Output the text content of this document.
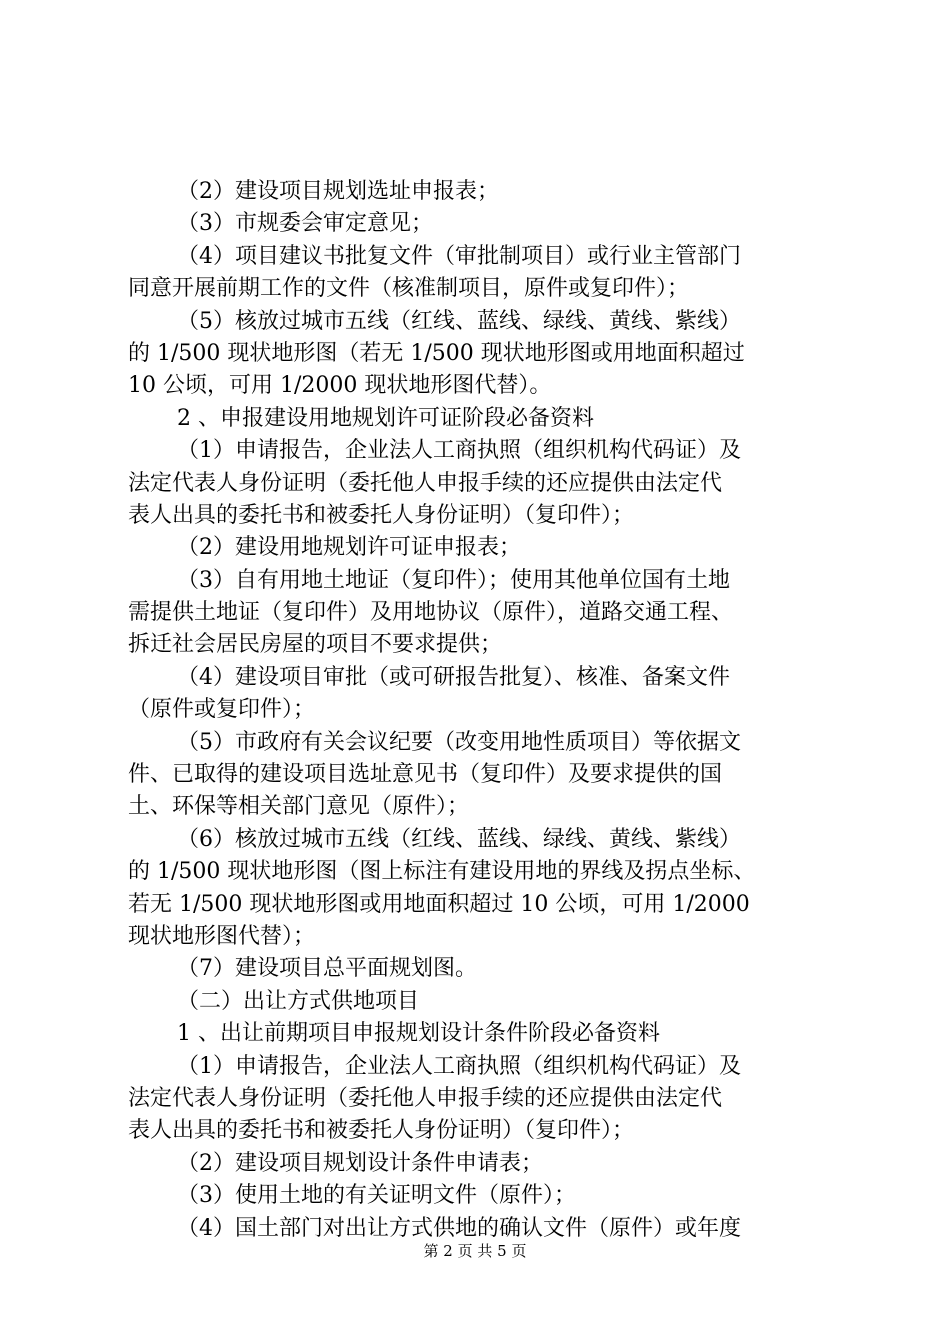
（2）建设项目规划选址申报表；
（3）市规委会审定意见；
（4）项目建议书批复文件（审批制项目）或行业主管部门
同意开展前期工作的文件（核准制项目，原件或复印件）；
（5）核放过城市五线（红线、蓝线、绿线、黄线、紫线）
的 1/500 现状地形图（若无 1/500 现状地形图或用地面积超过
10 公顷，可用 1/2000 现状地形图代替）。
2 、申报建设用地规划许可证阶段必备资料
（1）申请报告，企业法人工商执照（组织机构代码证）及
法定代表人身份证明（委托他人申报手续的还应提供由法定代
表人出具的委托书和被委托人身份证明）（复印件）；
（2）建设用地规划许可证申报表；
（3）自有用地土地证（复印件）；使用其他单位国有土地
需提供土地证（复印件）及用地协议（原件），道路交通工程、
拆迁社会居民房屋的项目不要求提供；
（4）建设项目审批（或可研报告批复）、核准、备案文件
（原件或复印件）；
（5）市政府有关会议纪要（改变用地性质项目）等依据文
件、已取得的建设项目选址意见书（复印件）及要求提供的国
土、环保等相关部门意见（原件）；
（6）核放过城市五线（红线、蓝线、绿线、黄线、紫线）
的 1/500 现状地形图（图上标注有建设用地的界线及拐点坐标、
若无 1/500 现状地形图或用地面积超过 10 公顷，可用 1/2000
现状地形图代替）；
（7）建设项目总平面规划图。
（二）出让方式供地项目
1 、出让前期项目申报规划设计条件阶段必备资料
（1）申请报告，企业法人工商执照（组织机构代码证）及
法定代表人身份证明（委托他人申报手续的还应提供由法定代
表人出具的委托书和被委托人身份证明）（复印件）；
（2）建设项目规划设计条件申请表；
（3）使用土地的有关证明文件（原件）；
（4）国土部门对出让方式供地的确认文件（原件）或年度
第 2 页 共 5 页
